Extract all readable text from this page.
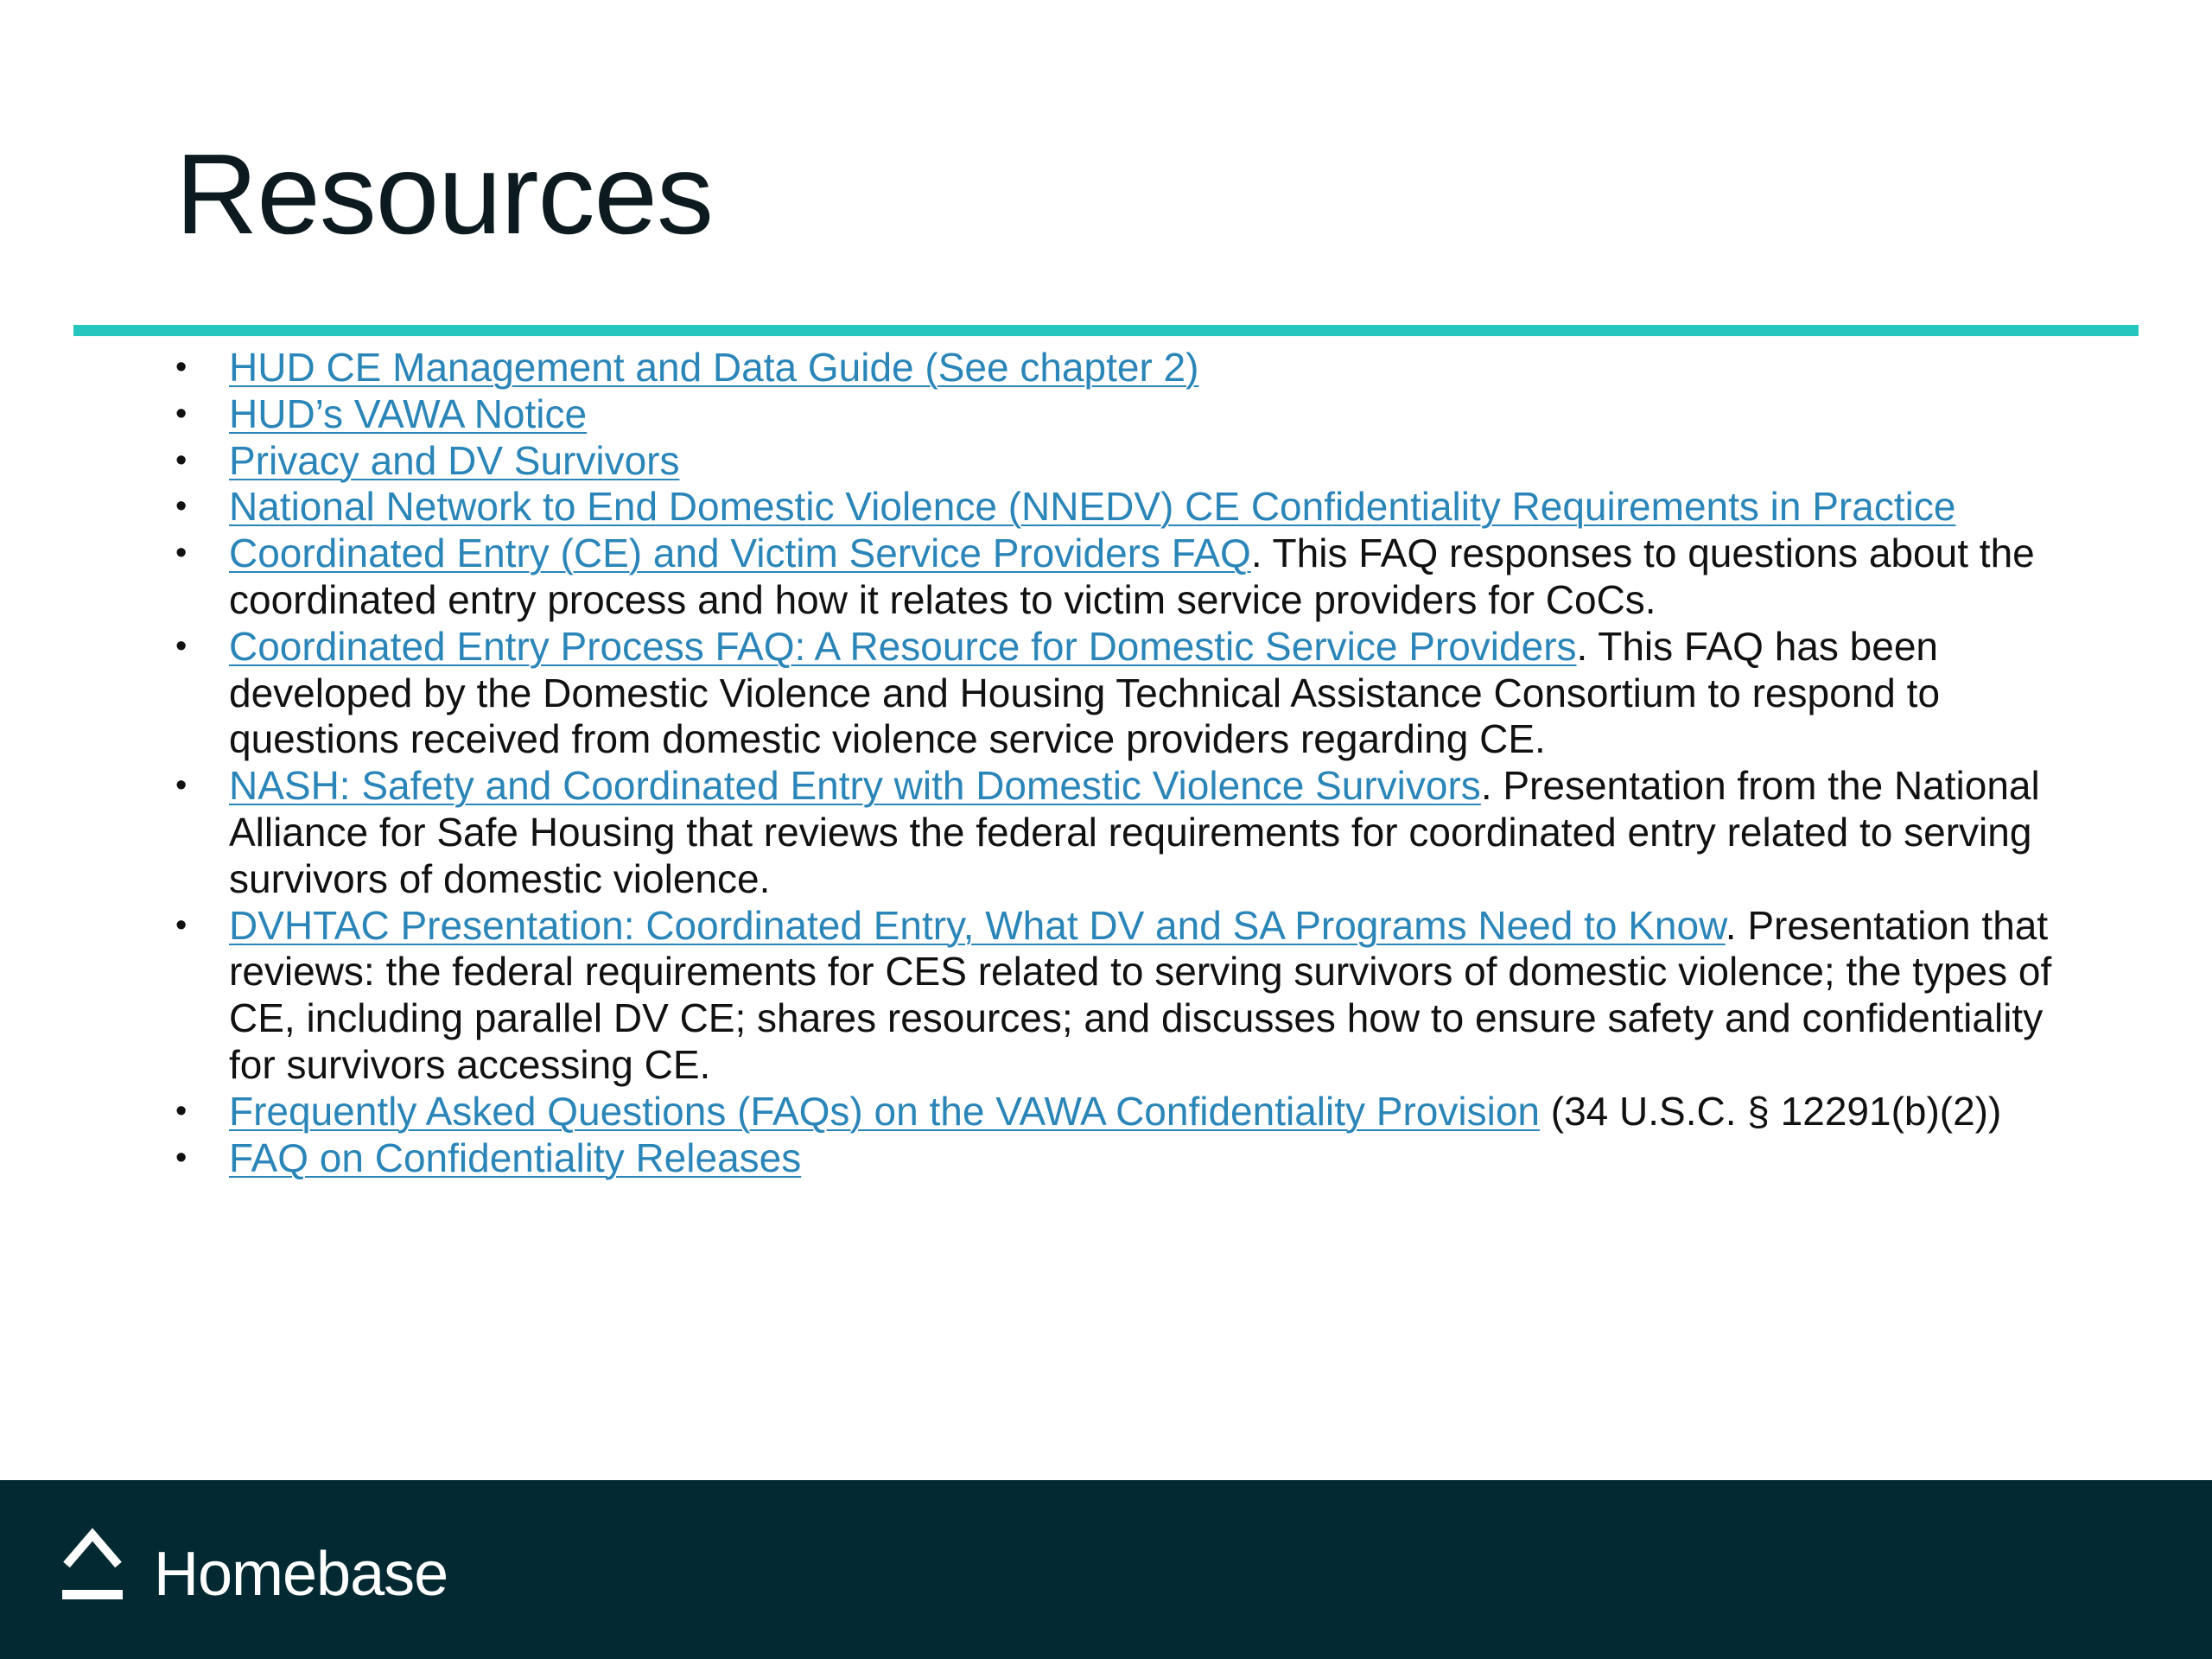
Resources
• HUD CE Management and Data Guide (See chapter 2)
• HUD’s VAWA Notice
• Privacy and DV Survivors
• National Network to End Domestic Violence (NNEDV) CE Confidentiality Requirements in Practice
• Coordinated Entry (CE) and Victim Service Providers FAQ. This FAQ responses to questions about the coordinated entry process and how it relates to victim service providers for CoCs.
• Coordinated Entry Process FAQ: A Resource for Domestic Service Providers. This FAQ has been developed by the Domestic Violence and Housing Technical Assistance Consortium to respond to questions received from domestic violence service providers regarding CE.
• NASH: Safety and Coordinated Entry with Domestic Violence Survivors. Presentation from the National Alliance for Safe Housing that reviews the federal requirements for coordinated entry related to serving survivors of domestic violence.
• DVHTAC Presentation: Coordinated Entry, What DV and SA Programs Need to Know. Presentation that reviews: the federal requirements for CES related to serving survivors of domestic violence; the types of CE, including parallel DV CE; shares resources; and discusses how to ensure safety and confidentiality for survivors accessing CE.
• Frequently Asked Questions (FAQs) on the VAWA Confidentiality Provision (34 U.S.C. § 12291(b)(2))
• FAQ on Confidentiality Releases
Homebase
